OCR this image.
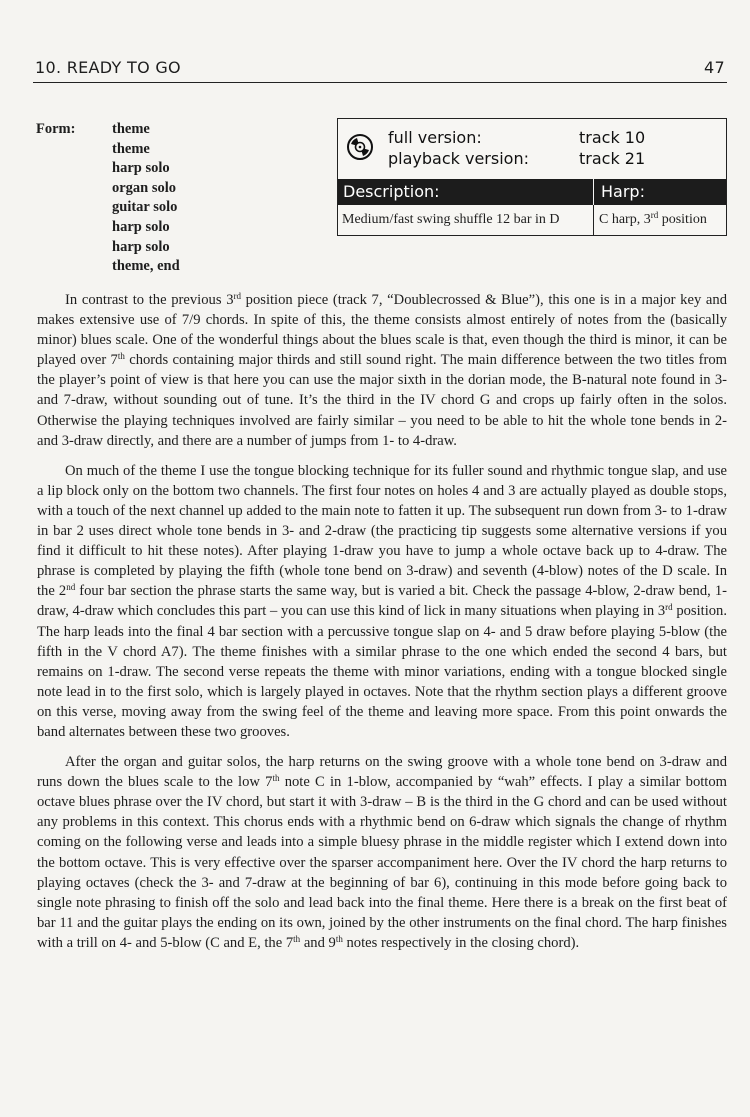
10. READY TO GO	47
Form:	theme
theme
harp solo
organ solo
guitar solo
harp solo
harp solo
theme, end
full version:	track 10
playback version:	track 21
Description:	Harp:
Medium/fast swing shuffle 12 bar in D	C harp, 3rd position

In contrast to the previous 3rd position piece (track 7, “Doublecrossed & Blue”), this one is in a major key and makes extensive use of 7/9 chords. In spite of this, the theme consists almost entirely of notes from the (basically minor) blues scale. One of the wonderful things about the blues scale is that, even though the third is minor, it can be played over 7th chords containing major thirds and still sound right. The main difference between the two titles from the player’s point of view is that here you can use the major sixth in the dorian mode, the B-natural note found in 3- and 7-draw, without sounding out of tune. It’s the third in the IV chord G and crops up fairly often in the solos. Otherwise the playing techniques involved are fairly similar – you need to be able to hit the whole tone bends in 2- and 3-draw directly, and there are a number of jumps from 1- to 4-draw.

On much of the theme I use the tongue blocking technique for its fuller sound and rhythmic tongue slap, and use a lip block only on the bottom two channels. The first four notes on holes 4 and 3 are actually played as double stops, with a touch of the next channel up added to the main note to fatten it up. The subsequent run down from 3- to 1-draw in bar 2 uses direct whole tone bends in 3- and 2-draw (the practicing tip suggests some alternative versions if you find it difficult to hit these notes). After playing 1-draw you have to jump a whole octave back up to 4-draw. The phrase is completed by playing the fifth (whole tone bend on 3-draw) and seventh (4-blow) notes of the D scale. In the 2nd four bar section the phrase starts the same way, but is varied a bit. Check the passage 4-blow, 2-draw bend, 1-draw, 4-draw which concludes this part – you can use this kind of lick in many situations when playing in 3rd position. The harp leads into the final 4 bar section with a percussive tongue slap on 4- and 5 draw before playing 5-blow (the fifth in the V chord A7). The theme finishes with a similar phrase to the one which ended the second 4 bars, but remains on 1-draw. The second verse repeats the theme with minor variations, ending with a tongue blocked single note lead in to the first solo, which is largely played in octaves. Note that the rhythm section plays a different groove on this verse, moving away from the swing feel of the theme and leaving more space. From this point onwards the band alternates between these two grooves.

After the organ and guitar solos, the harp returns on the swing groove with a whole tone bend on 3-draw and runs down the blues scale to the low 7th note C in 1-blow, accompanied by “wah” effects. I play a similar bottom octave blues phrase over the IV chord, but start it with 3-draw – B is the third in the G chord and can be used without any problems in this context. This chorus ends with a rhythmic bend on 6-draw which signals the change of rhythm coming on the following verse and leads into a simple bluesy phrase in the middle register which I extend down into the bottom octave. This is very effective over the sparser accompaniment here. Over the IV chord the harp returns to playing octaves (check the 3- and 7-draw at the beginning of bar 6), continuing in this mode before going back to single note phrasing to finish off the solo and lead back into the final theme. Here there is a break on the first beat of bar 11 and the guitar plays the ending on its own, joined by the other instruments on the final chord. The harp finishes with a trill on 4- and 5-blow (C and E, the 7th and 9th notes respectively in the closing chord).
